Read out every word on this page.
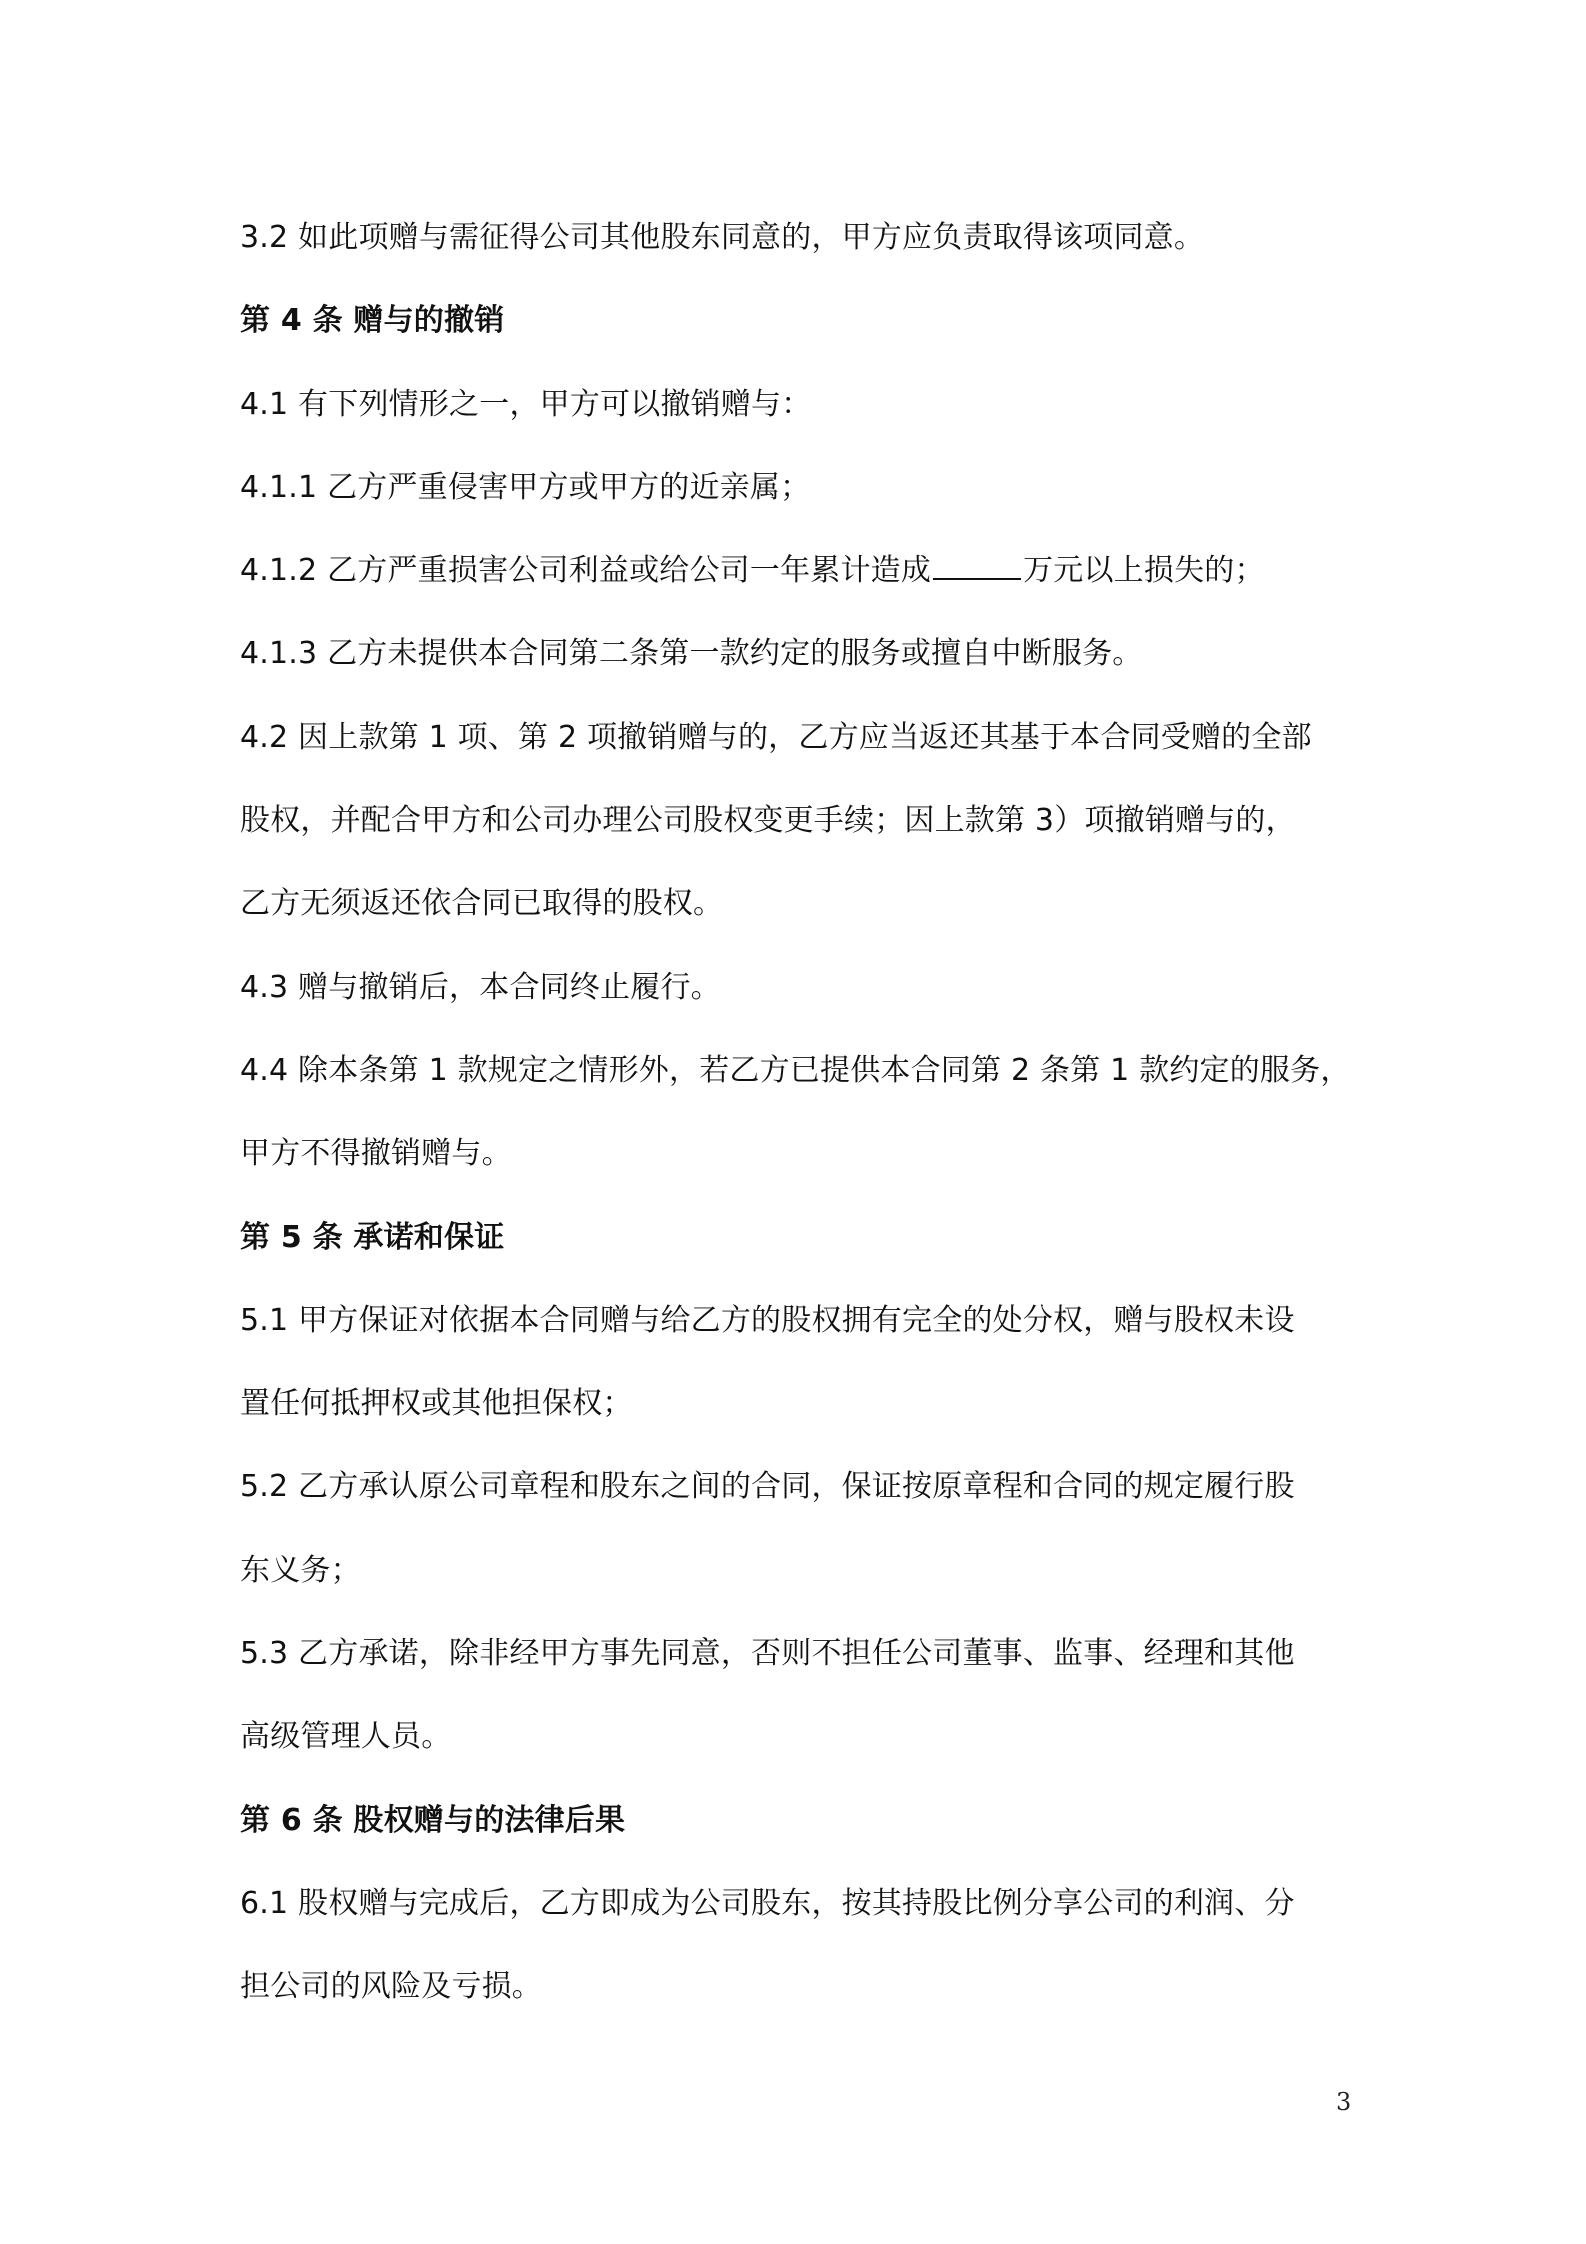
3.2 如此项赠与需征得公司其他股东同意的，甲方应负责取得该项同意。
第 4 条 赠与的撤销
4.1 有下列情形之一，甲方可以撤销赠与：
4.1.1 乙方严重侵害甲方或甲方的近亲属；
4.1.2 乙方严重损害公司利益或给公司一年累计造成	万元以上损失的；
4.1.3 乙方未提供本合同第二条第一款约定的服务或擅自中断服务。
4.2 因上款第 1 项、第 2 项撤销赠与的，乙方应当返还其基于本合同受赠的全部
股权，并配合甲方和公司办理公司股权变更手续；因上款第 3）项撤销赠与的，
乙方无须返还依合同已取得的股权。
4.3 赠与撤销后，本合同终止履行。
4.4 除本条第 1 款规定之情形外，若乙方已提供本合同第 2 条第 1 款约定的服务，
甲方不得撤销赠与。
第 5 条 承诺和保证
5.1 甲方保证对依据本合同赠与给乙方的股权拥有完全的处分权，赠与股权未设
置任何抵押权或其他担保权；
5.2 乙方承认原公司章程和股东之间的合同，保证按原章程和合同的规定履行股
东义务；
5.3 乙方承诺，除非经甲方事先同意，否则不担任公司董事、监事、经理和其他
高级管理人员。
第 6 条 股权赠与的法律后果
6.1 股权赠与完成后，乙方即成为公司股东，按其持股比例分享公司的利润、分
担公司的风险及亏损。
3
